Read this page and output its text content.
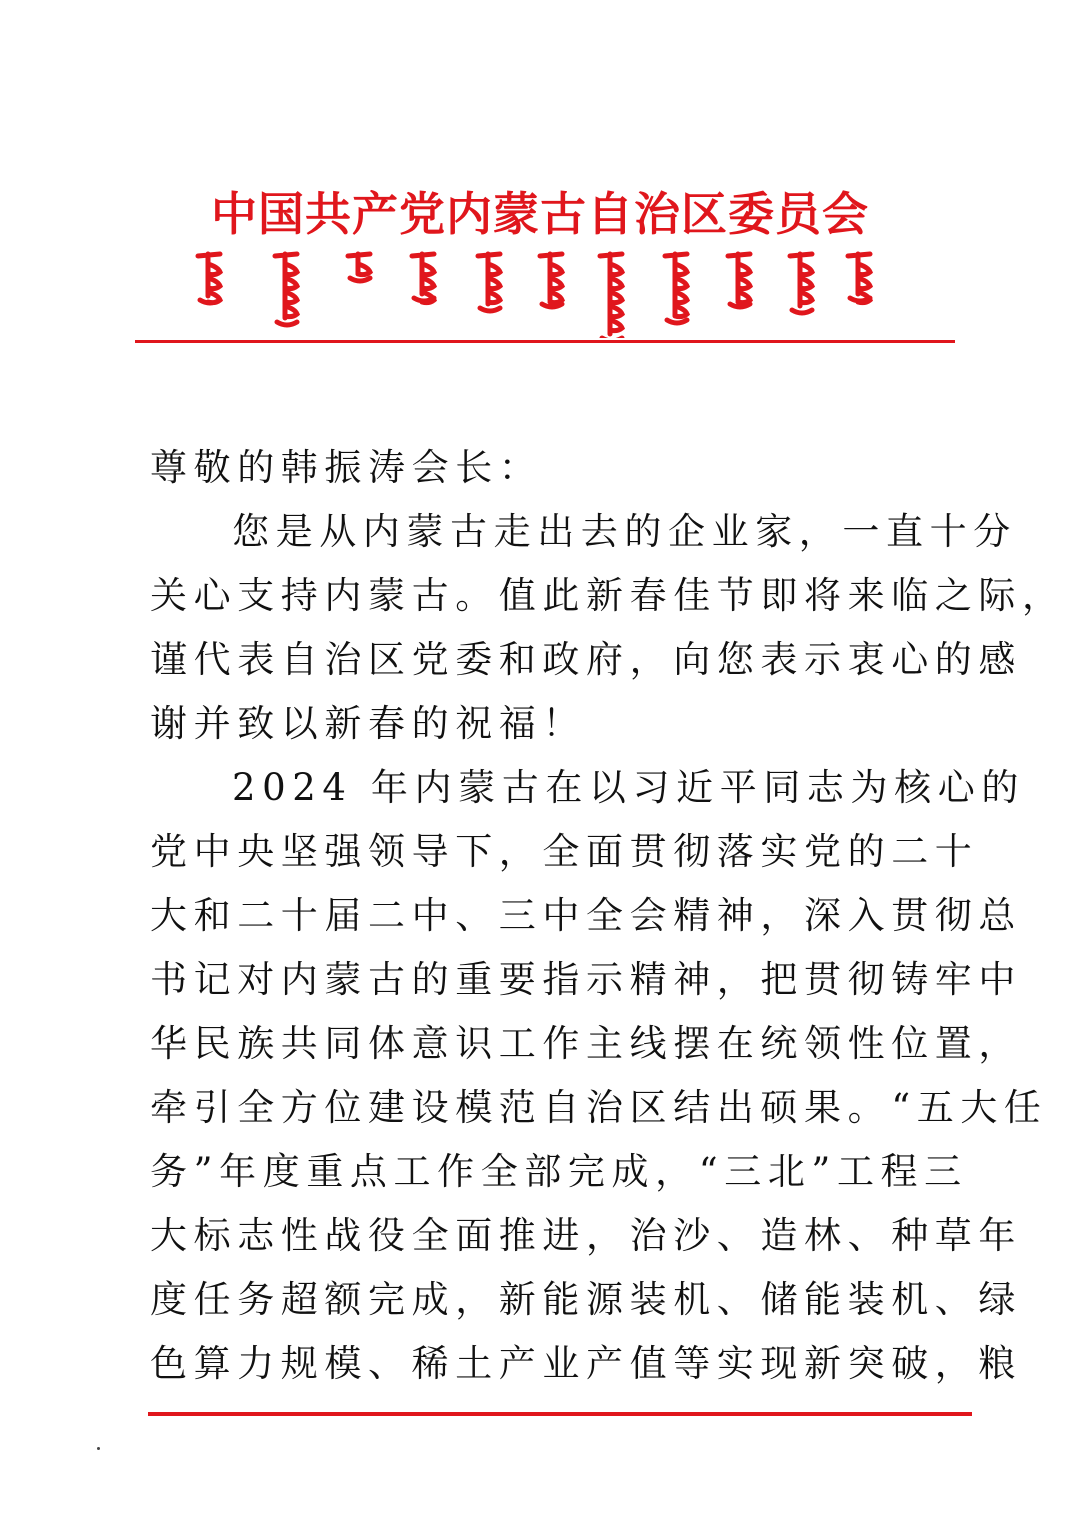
中国共产党内蒙古自治区委员会
尊敬的韩振涛会长：
您是从内蒙古走出去的企业家，一直十分
关心支持内蒙古。值此新春佳节即将来临之际，
谨代表自治区党委和政府，向您表示衷心的感
谢并致以新春的祝福！
2024 年内蒙古在以习近平同志为核心的
党中央坚强领导下，全面贯彻落实党的二十
大和二十届二中、三中全会精神，深入贯彻总
书记对内蒙古的重要指示精神，把贯彻铸牢中
华民族共同体意识工作主线摆在统领性位置，
牵引全方位建设模范自治区结出硕果。“五大任
务”年度重点工作全部完成，“三北”工程三
大标志性战役全面推进，治沙、造林、种草年
度任务超额完成，新能源装机、储能装机、绿
色算力规模、稀土产业产值等实现新突破，粮
